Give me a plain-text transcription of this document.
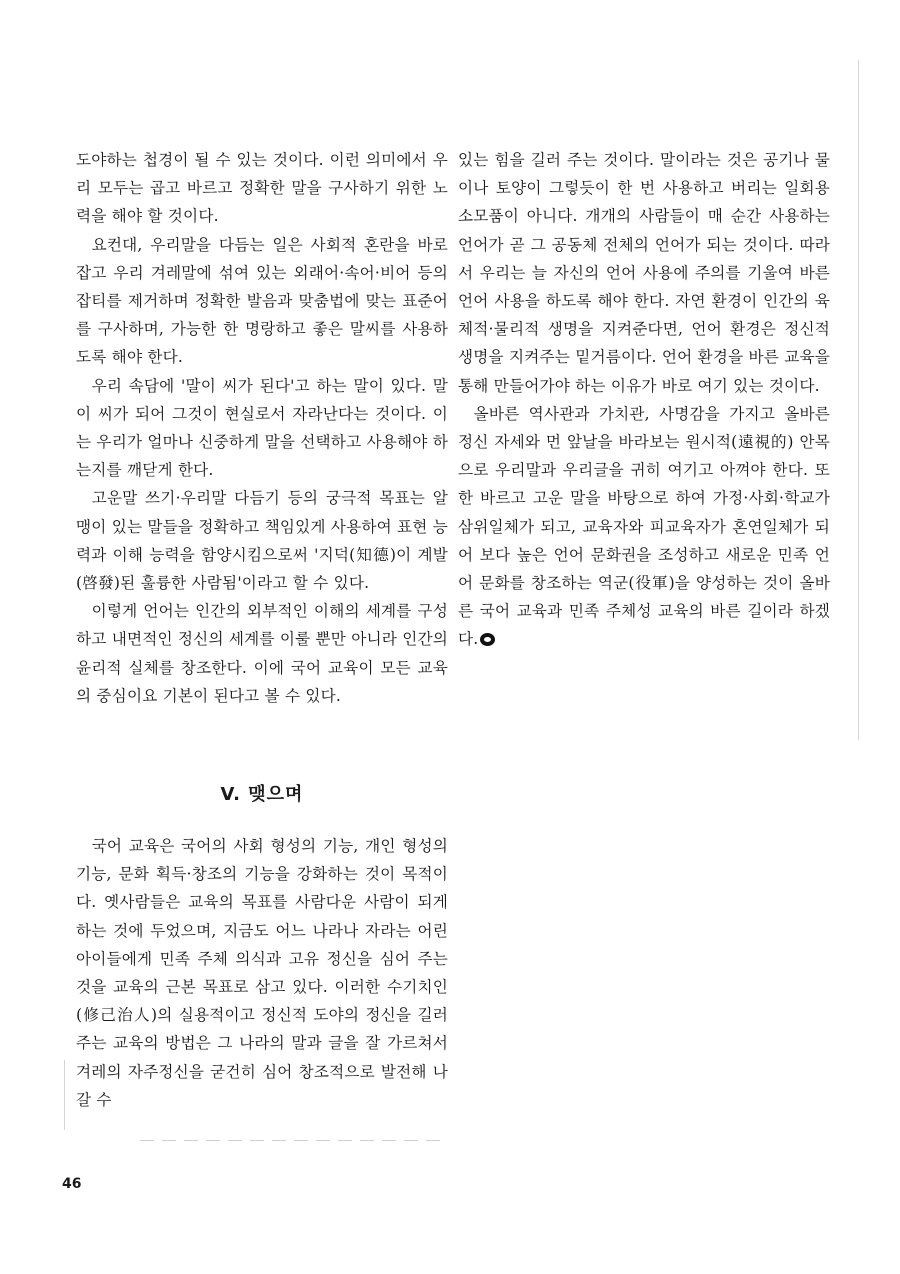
도야하는 첩경이 될 수 있는 것이다. 이런 의미에서 우리 모두는 곱고 바르고 정확한 말을 구사하기 위한 노력을 해야 할 것이다.

요컨대, 우리말을 다듬는 일은 사회적 혼란을 바로 잡고 우리 겨레말에 섞여 있는 외래어·속어·비어 등의 잡티를 제거하며 정확한 발음과 맞춤법에 맞는 표준어를 구사하며, 가능한 한 명랑하고 좋은 말씨를 사용하도록 해야 한다.

우리 속담에 '말이 씨가 된다'고 하는 말이 있다. 말이 씨가 되어 그것이 현실로서 자라난다는 것이다. 이는 우리가 얼마나 신중하게 말을 선택하고 사용해야 하는지를 깨닫게 한다.

고운말 쓰기·우리말 다듬기 등의 궁극적 목표는 알맹이 있는 말들을 정확하고 책임있게 사용하여 표현 능력과 이해 능력을 함양시킴으로써 '지덕(知德)이 계발(啓發)된 훌륭한 사람됨'이라고 할 수 있다.

이렇게 언어는 인간의 외부적인 이해의 세계를 구성하고 내면적인 정신의 세계를 이룰 뿐만 아니라 인간의 윤리적 실체를 창조한다. 이에 국어 교육이 모든 교육의 중심이요 기본이 된다고 볼 수 있다.

V. 맺으며

국어 교육은 국어의 사회 형성의 기능, 개인 형성의 기능, 문화 획득·창조의 기능을 강화하는 것이 목적이다. 옛사람들은 교육의 목표를 사람다운 사람이 되게 하는 것에 두었으며, 지금도 어느 나라나 자라는 어린 아이들에게 민족 주체 의식과 고유 정신을 심어 주는 것을 교육의 근본 목표로 삼고 있다. 이러한 수기치인(修己治人)의 실용적이고 정신적 도야의 정신을 길러주는 교육의 방법은 그 나라의 말과 글을 잘 가르쳐서 겨레의 자주정신을 굳건히 심어 창조적으로 발전해 나갈 수

있는 힘을 길러 주는 것이다. 말이라는 것은 공기나 물이나 토양이 그렇듯이 한 번 사용하고 버리는 일회용 소모품이 아니다. 개개의 사람들이 매 순간 사용하는 언어가 곧 그 공동체 전체의 언어가 되는 것이다. 따라서 우리는 늘 자신의 언어 사용에 주의를 기울여 바른 언어 사용을 하도록 해야 한다. 자연 환경이 인간의 육체적·물리적 생명을 지켜준다면, 언어 환경은 정신적 생명을 지켜주는 밑거름이다. 언어 환경을 바른 교육을 통해 만들어가야 하는 이유가 바로 여기 있는 것이다.

올바른 역사관과 가치관, 사명감을 가지고 올바른 정신 자세와 먼 앞날을 바라보는 원시적(遠視的) 안목으로 우리말과 우리글을 귀히 여기고 아껴야 한다. 또한 바르고 고운 말을 바탕으로 하여 가정·사회·학교가 삼위일체가 되고, 교육자와 피교육자가 혼연일체가 되어 보다 높은 언어 문화권을 조성하고 새로운 민족 언어 문화를 창조하는 역군(役軍)을 양성하는 것이 올바른 국어 교육과 민족 주체성 교육의 바른 길이라 하겠다.

46
